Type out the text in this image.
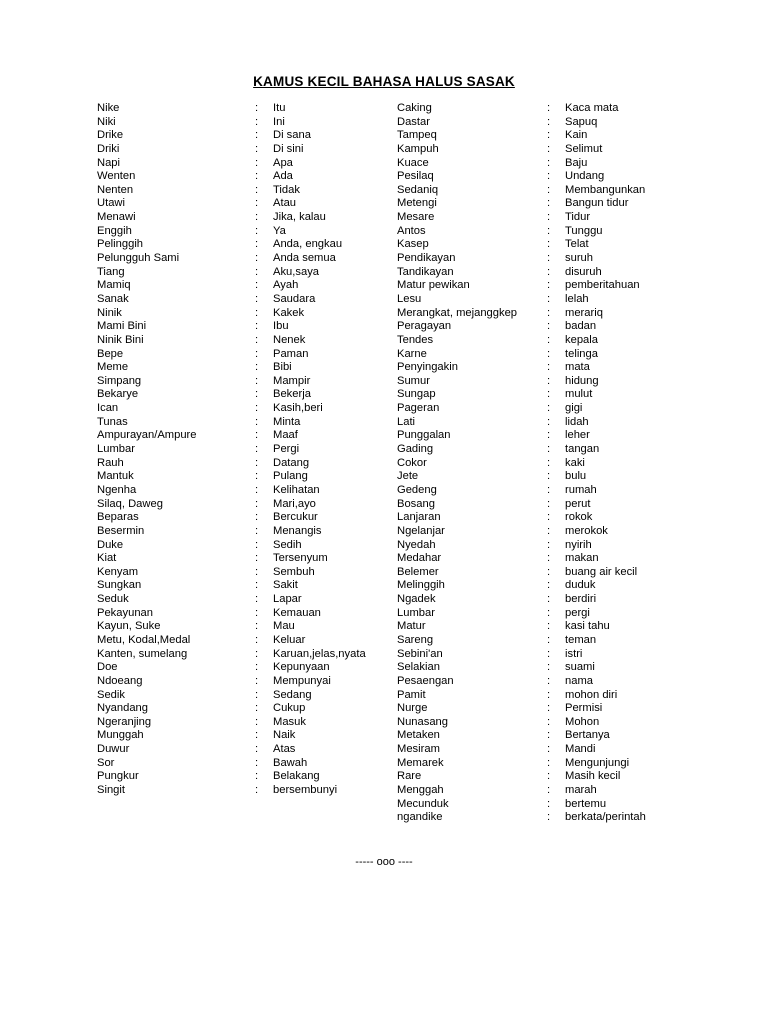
KAMUS KECIL BAHASA HALUS SASAK
Nike	: Itu
Niki	: Ini
Drike	: Di sana
Driki	: Di sini
Napi	: Apa
Wenten	: Ada
Nenten	: Tidak
Utawi	: Atau
Menawi	: Jika, kalau
Enggih	: Ya
Pelinggih	: Anda, engkau
Pelungguh Sami	: Anda semua
Tiang	: Aku,saya
Mamiq	: Ayah
Sanak	: Saudara
Ninik	: Kakek
Mami Bini	: Ibu
Ninik Bini	: Nenek
Bepe	: Paman
Meme	: Bibi
Simpang	: Mampir
Bekarye	: Bekerja
Ican	: Kasih,beri
Tunas	: Minta
Ampurayan/Ampure	: Maaf
Lumbar	: Pergi
Rauh	: Datang
Mantuk	: Pulang
Ngenha	: Kelihatan
Silaq, Daweg	: Mari,ayo
Beparas	: Bercukur
Besermin	: Menangis
Duke	: Sedih
Kiat	: Tersenyum
Kenyam	: Sembuh
Sungkan	: Sakit
Seduk	: Lapar
Pekayunan	: Kemauan
Kayun, Suke	: Mau
Metu, Kodal,Medal	: Keluar
Kanten, sumelang	: Karuan,jelas,nyata
Doe	: Kepunyaan
Ndoeang	: Mempunyai
Sedik	: Sedang
Nyandang	: Cukup
Ngeranjing	: Masuk
Munggah	: Naik
Duwur	: Atas
Sor	: Bawah
Pungkur	: Belakang
Singit	: bersembunyi
Caking	: Kaca mata
Dastar	: Sapuq
Tampeq	: Kain
Kampuh	: Selimut
Kuace	: Baju
Pesilaq	: Undang
Sedaniq	: Membangunkan
Metengi	: Bangun tidur
Mesare	: Tidur
Antos	: Tunggu
Kasep	: Telat
Pendikayan	: suruh
Tandikayan	: disuruh
Matur pewikan	: pemberitahuan
Lesu	: lelah
Merangkat, mejanggkep	: merariq
Peragayan	: badan
Tendes	: kepala
Karne	: telinga
Penyingakin	: mata
Sumur	: hidung
Sungap	: mulut
Pageran	: gigi
Lati	: lidah
Punggalan	: leher
Gading	: tangan
Cokor	: kaki
Jete	: bulu
Gedeng	: rumah
Bosang	: perut
Lanjaran	: rokok
Ngelanjar	: merokok
Nyedah	: nyirih
Medahar	: makan
Belemer	: buang air kecil
Melinggih	: duduk
Ngadek	: berdiri
Lumbar	: pergi
Matur	: kasi tahu
Sareng	: teman
Sebini'an	: istri
Selakian	: suami
Pesaengan	: nama
Pamit	: mohon diri
Nurge	: Permisi
Nunasang	: Mohon
Metaken	: Bertanya
Mesiram	: Mandi
Memarek	: Mengunjungi
Rare	: Masih kecil
Menggah	: marah
Mecunduk	: bertemu
ngandike	: berkata/perintah
----- ooo ----
